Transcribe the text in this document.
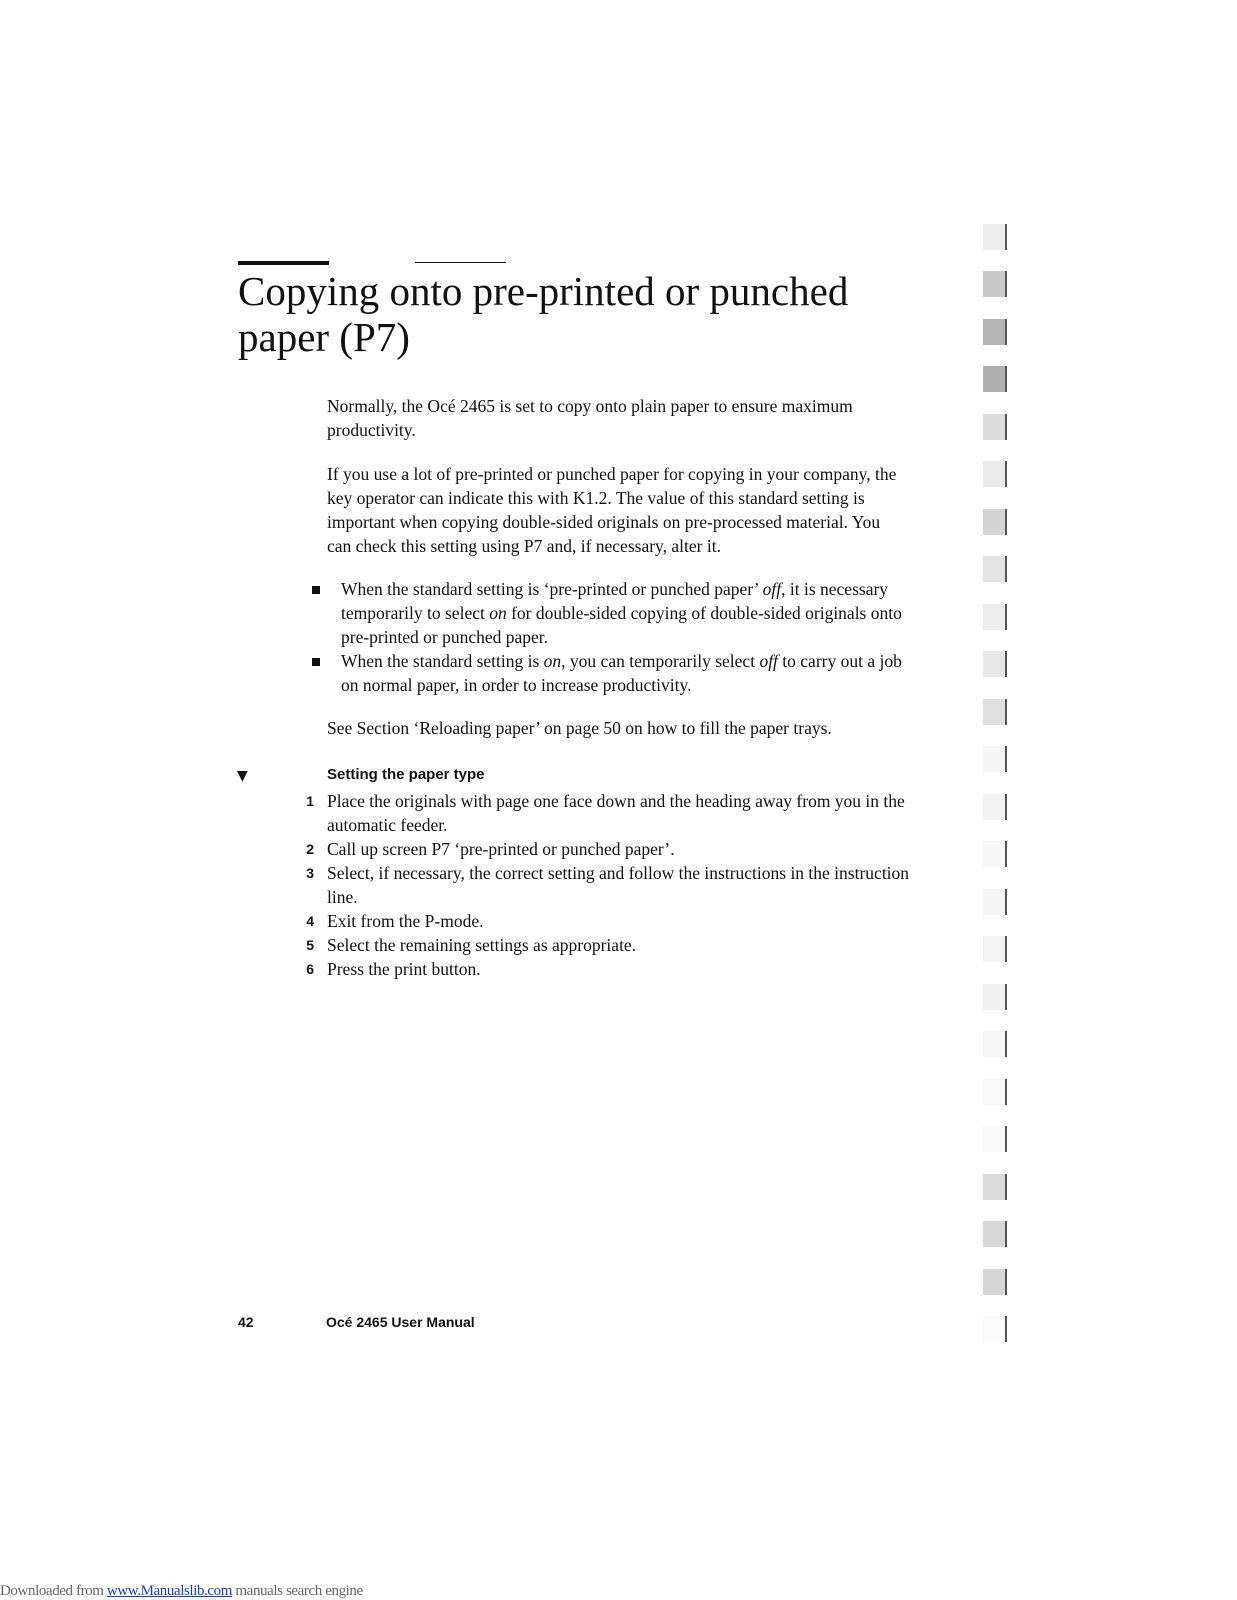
Copying onto pre-printed or punched paper (P7)

Normally, the Océ 2465 is set to copy onto plain paper to ensure maximum productivity.

If you use a lot of pre-printed or punched paper for copying in your company, the key operator can indicate this with K1.2. The value of this standard setting is important when copying double-sided originals on pre-processed material. You can check this setting using P7 and, if necessary, alter it.

When the standard setting is ‘pre-printed or punched paper’ off, it is necessary temporarily to select on for double-sided copying of double-sided originals onto pre-printed or punched paper.
When the standard setting is on, you can temporarily select off to carry out a job on normal paper, in order to increase productivity.

See Section ‘Reloading paper’ on page 50 on how to fill the paper trays.

▼	Setting the paper type
1 Place the originals with page one face down and the heading away from you in the automatic feeder.
2 Call up screen P7 ‘pre-printed or punched paper’.
3 Select, if necessary, the correct setting and follow the instructions in the instruction line.
4 Exit from the P-mode.
5 Select the remaining settings as appropriate.
6 Press the print button.
42	Océ 2465 User Manual
Downloaded from www.Manualslib.com manuals search engine
